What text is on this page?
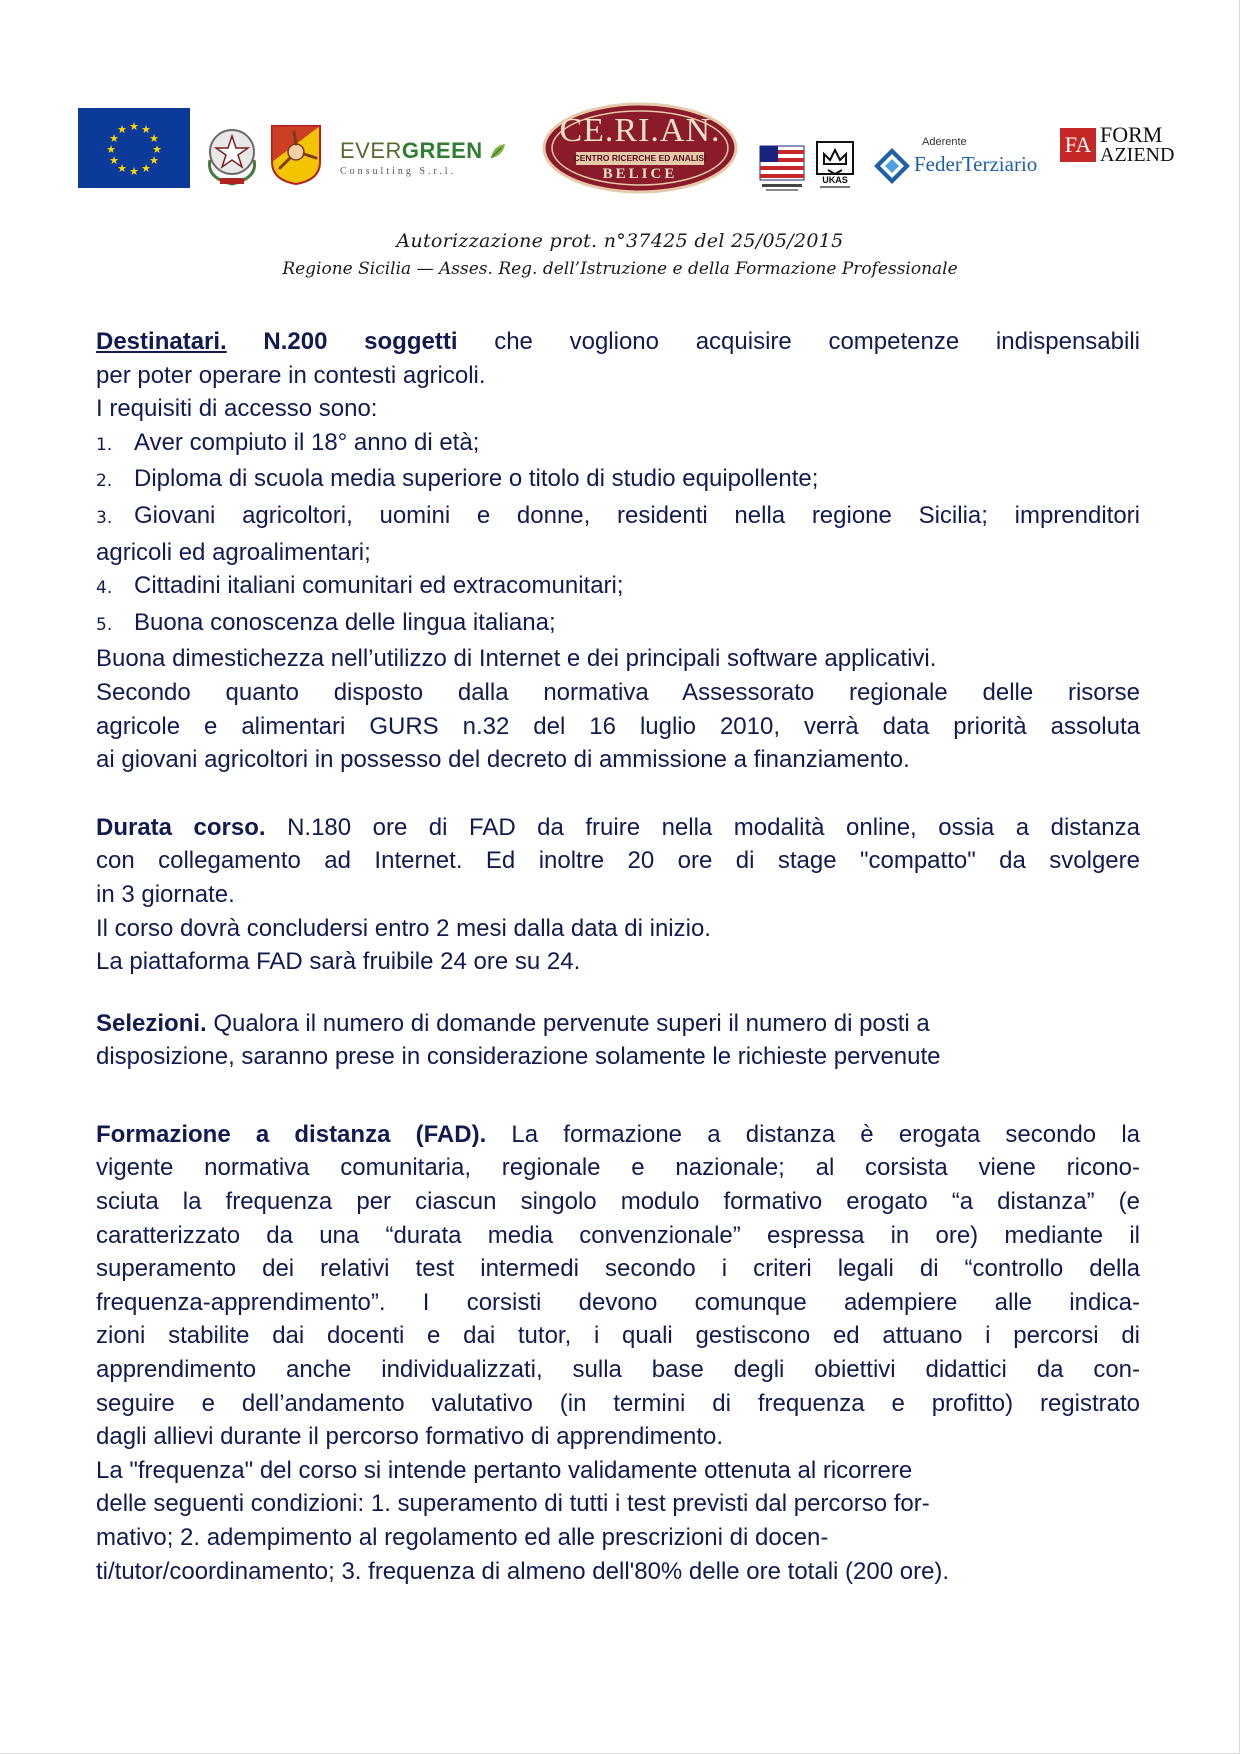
★ ★
★
★
★
★
★
★
★
★
★
★
EVERGREEN
Consulting S.r.l.
CE.RI.AN.
CENTRO RICERCHE ED ANALISI
BELICE	UKAS
Aderente
FederTerziario
FA FORM
AZIEND
Autorizzazione prot. n°37425 del 25/05/2015
Regione Sicilia — Asses. Reg. dell’Istruzione e della Formazione Professionale

Destinatari. N.200 soggetti che vogliono acquisire competenze indispensabili

per poter operare in contesti agricoli.

I requisiti di accesso sono:

1. Aver compiuto il 18° anno di età;

2. Diploma di scuola media superiore o titolo di studio equipollente;

3. Giovani agricoltori, uomini e donne, residenti nella regione Sicilia; imprenditori

agricoli ed agroalimentari;

4. Cittadini italiani comunitari ed extracomunitari;

5. Buona conoscenza delle lingua italiana;

Buona dimestichezza nell’utilizzo di Internet e dei principali software applicativi.

Secondo quanto disposto dalla normativa Assessorato regionale delle risorse

agricole e alimentari GURS n.32 del 16 luglio 2010, verrà data priorità assoluta

ai giovani agricoltori in possesso del decreto di ammissione a finanziamento.

Durata corso. N.180 ore di FAD da fruire nella modalità online, ossia a distanza

con collegamento ad Internet. Ed inoltre 20 ore di stage "compatto" da svolgere

in 3 giornate.

Il corso dovrà concludersi entro 2 mesi dalla data di inizio.

La piattaforma FAD sarà fruibile 24 ore su 24.

Selezioni. Qualora il numero di domande pervenute superi il numero di posti a

disposizione, saranno prese in considerazione solamente le richieste pervenute

Formazione a distanza (FAD). La formazione a distanza è erogata secondo la

vigente normativa comunitaria, regionale e nazionale; al corsista viene ricono-

sciuta la frequenza per ciascun singolo modulo formativo erogato “a distanza” (e

caratterizzato da una “durata media convenzionale” espressa in ore) mediante il

superamento dei relativi test intermedi secondo i criteri legali di “controllo della

frequenza-apprendimento”. I corsisti devono comunque adempiere alle indica-

zioni stabilite dai docenti e dai tutor, i quali gestiscono ed attuano i percorsi di

apprendimento anche individualizzati, sulla base degli obiettivi didattici da con-

seguire e dell’andamento valutativo (in termini di frequenza e profitto) registrato

dagli allievi durante il percorso formativo di apprendimento.

La "frequenza" del corso si intende pertanto validamente ottenuta al ricorrere

delle seguenti condizioni: 1. superamento di tutti i test previsti dal percorso for-

mativo; 2. adempimento al regolamento ed alle prescrizioni di docen-

ti/tutor/coordinamento; 3. frequenza di almeno dell'80% delle ore totali (200 ore).
